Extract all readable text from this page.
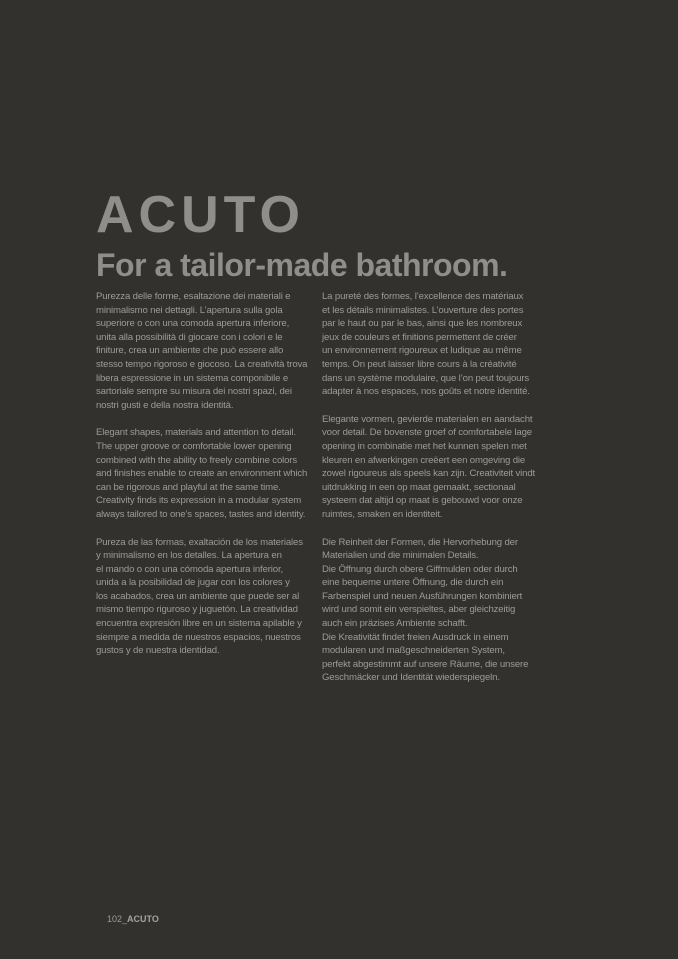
ACUTO
For a tailor-made bathroom.

Purezza delle forme, esaltazione dei materiali e
minimalismo nei dettagli. L’apertura sulla gola
superiore o con una comoda apertura inferiore,
unita alla possibilità di giocare con i colori e le
finiture, crea un ambiente che può essere allo
stesso tempo rigoroso e giocoso. La creatività trova
libera espressione in un sistema componibile e
sartoriale sempre su misura dei nostri spazi, dei
nostri gusti e della nostra identità.

Elegant shapes, materials and attention to detail.
The upper groove or comfortable lower opening
combined with the ability to freely combine colors
and finishes enable to create an environment which
can be rigorous and playful at the same time.
Creativity finds its expression in a modular system
always tailored to one’s spaces, tastes and identity.

Pureza de las formas, exaltación de los materiales
y minimalismo en los detalles. La apertura en
el mando o con una cómoda apertura inferior,
unida a la posibilidad de jugar con los colores y
los acabados, crea un ambiente que puede ser al
mismo tiempo riguroso y juguetón. La creatividad
encuentra expresión libre en un sistema apilable y
siempre a medida de nuestros espacios, nuestros
gustos y de nuestra identidad.

La pureté des formes, l’excellence des matériaux
et les détails minimalistes. L’ouverture des portes
par le haut ou par le bas, ainsi que les nombreux
jeux de couleurs et finitions permettent de créer
un environnement rigoureux et ludique au même
temps. On peut laisser libre cours à la créativité
dans un système modulaire, que l’on peut toujours
adapter à nos espaces, nos goûts et notre identité.

Elegante vormen, gevierde materialen en aandacht
voor detail. De bovenste groef of comfortabele lage
opening in combinatie met het kunnen spelen met
kleuren en afwerkingen creëert een omgeving die
zowel rigoureus als speels kan zijn. Creativiteit vindt
uitdrukking in een op maat gemaakt, sectionaal
systeem dat altijd op maat is gebouwd voor onze
ruimtes, smaken en identiteit.

Die Reinheit der Formen, die Hervorhebung der
Materialien und die minimalen Details.
Die Öffnung durch obere Giffmulden oder durch
eine bequeme untere Öffnung, die durch ein
Farbenspiel und neuen Ausführungen kombiniert
wird und somit ein verspieltes, aber gleichzeitig
auch ein präzises Ambiente schafft.
Die Kreativität findet freien Ausdruck in einem
modularen und maßgeschneiderten System,
perfekt abgestimmt auf unsere Räume, die unsere
Geschmäcker und Identität wiederspiegeln.

102_ACUTO
